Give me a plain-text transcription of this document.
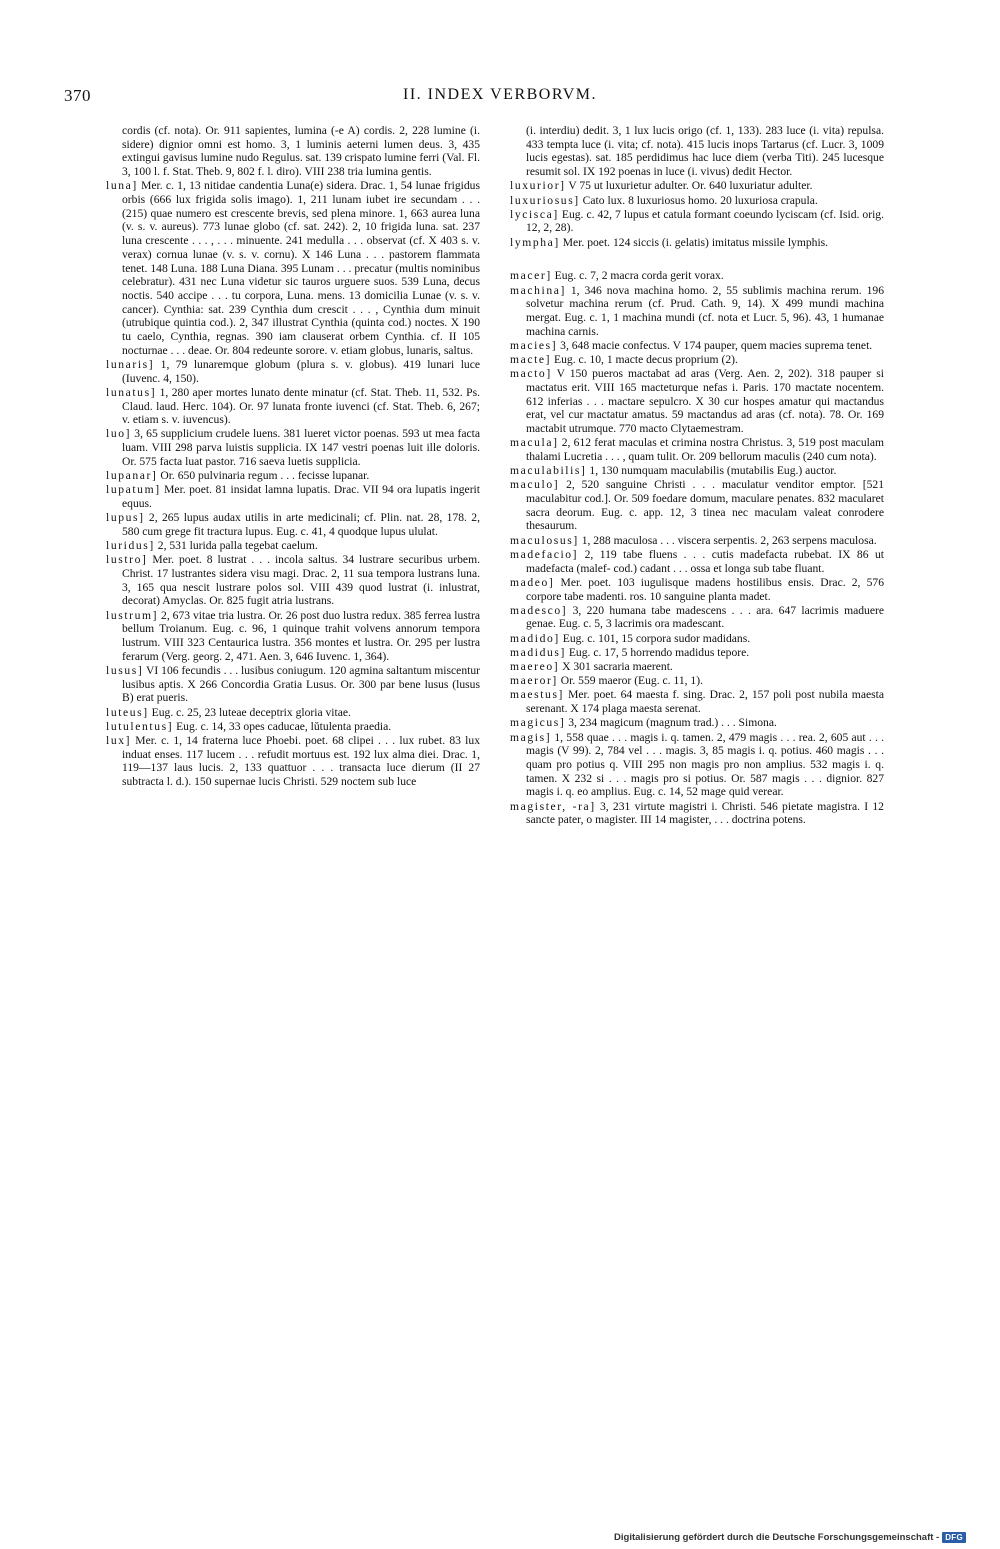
370	II. INDEX VERBORVM.
cordis (cf. nota). Or. 911 sapientes, lumina (-e A) cordis. 2, 228 lumine (i. sidere) dignior omni est homo. 3, 1 luminis aeterni lumen deus. 3, 435 extingui gavisus lumine nudo Regulus. sat. 139 crispato lumine ferri (Val. Fl. 3, 100 l. f. Stat. Theb. 9, 802 f. l. diro). VIII 238 tria lumina gentis.
luna] Mer. c. 1, 13 nitidae candentia Luna(e) sidera. Drac. 1, 54 lunae frigidus orbis (666 lux frigida solis imago). 1, 211 lunam iubet ire secundam . . . (215) quae numero est crescente brevis, sed plena minore. 1, 663 aurea luna (v. s. v. aureus). 773 lunae globo (cf. sat. 242). 2, 10 frigida luna. sat. 237 luna crescente . . . , . . . minuente. 241 medulla . . . observat (cf. X 403 s. v. verax) cornua lunae (v. s. v. cornu). X 146 Luna . . . pastorem flammata tenet. 148 Luna. 188 Luna Diana. 395 Lunam . . . precatur (multis nominibus celebratur). 431 nec Luna videtur sic tauros urguere suos. 539 Luna, decus noctis. 540 accipe . . . tu corpora, Luna. mens. 13 domicilia Lunae (v. s. v. cancer). Cynthia: sat. 239 Cynthia dum crescit . . . , Cynthia dum minuit (utrubique quintia cod.). 2, 347 illustrat Cynthia (quinta cod.) noctes. X 190 tu caelo, Cynthia, regnas. 390 iam clauserat orbem Cynthia. cf. II 105 nocturnae . . . deae. Or. 804 redeunte sorore. v. etiam globus, lunaris, saltus.
lunaris] 1, 79 lunaremque globum (plura s. v. globus). 419 lunari luce (Iuvenc. 4, 150).
lunatus] 1, 280 aper mortes lunato dente minatur (cf. Stat. Theb. 11, 532. Ps. Claud. laud. Herc. 104). Or. 97 lunata fronte iuvenci (cf. Stat. Theb. 6, 267; v. etiam s. v. iuvencus).
luo] 3, 65 supplicium crudele luens. 381 lueret victor poenas. 593 ut mea facta luam. VIII 298 parva luistis supplicia. IX 147 vestri poenas luit ille doloris. Or. 575 facta luat pastor. 716 saeva luetis supplicia.
lupanar] Or. 650 pulvinaria regum . . . fecisse lupanar.
lupatum] Mer. poet. 81 insidat lamna lupatis. Drac. VII 94 ora lupatis ingerit equus.
lupus] 2, 265 lupus audax utilis in arte medicinali; cf. Plin. nat. 28, 178. 2, 580 cum grege fit tractura lupus. Eug. c. 41, 4 quodque lupus ululat.
luridus] 2, 531 lurida palla tegebat caelum.
lustro] Mer. poet. 8 lustrat . . . incola saltus. 34 lustrare securibus urbem. Christ. 17 lustrantes sidera visu magi. Drac. 2, 11 sua tempora lustrans luna. 3, 165 qua nescit lustrare polos sol. VIII 439 quod lustrat (i. inlustrat, decorat) Amyclas. Or. 825 fugit atria lustrans.
lustrum] 2, 673 vitae tria lustra. Or. 26 post duo lustra redux. 385 ferrea lustra bellum Troianum. Eug. c. 96, 1 quinque trahit volvens annorum tempora lustrum. VIII 323 Centaurica lustra. 356 montes et lustra. Or. 295 per lustra ferarum (Verg. georg. 2, 471. Aen. 3, 646 Iuvenc. 1, 364).
lusus] VI 106 fecundis . . . lusibus coniugum. 120 agmina saltantum miscentur lusibus aptis. X 266 Concordia Gratia Lusus. Or. 300 par bene lusus (lusus B) erat pueris.
luteus] Eug. c. 25, 23 luteae deceptrix gloria vitae.
lutulentus] Eug. c. 14, 33 opes caducae, lŭtulenta praedia.
lux] Mer. c. 1, 14 fraterna luce Phoebi. poet. 68 clipei . . . lux rubet. 83 lux induat enses. 117 lucem . . . refudit mortuus est. 192 lux alma diei. Drac. 1, 119—137 laus lucis. 2, 133 quattuor . . . transacta luce dierum (II 27 subtracta l. d.). 150 supernae lucis Christi. 529 noctem sub luce
(i. interdiu) dedit. 3, 1 lux lucis origo (cf. 1, 133). 283 luce (i. vita) repulsa. 433 tempta luce (i. vita; cf. nota). 415 lucis inops Tartarus (cf. Lucr. 3, 1009 lucis egestas). sat. 185 perdidimus hac luce diem (verba Titi). 245 lucesque resumit sol. IX 192 poenas in luce (i. vivus) dedit Hector.
luxurior] V 75 ut luxurietur adulter. Or. 640 luxuriatur adulter.
luxuriosus] Cato lux. 8 luxuriosus homo. 20 luxuriosa crapula.
lycisca] Eug. c. 42, 7 lupus et catula formant coeundo lyciscam (cf. Isid. orig. 12, 2, 28).
lympha] Mer. poet. 124 siccis (i. gelatis) imitatus missile lymphis.
macer] Eug. c. 7, 2 macra corda gerit vorax.
machina] 1, 346 nova machina homo. 2, 55 sublimis machina rerum. 196 solvetur machina rerum (cf. Prud. Cath. 9, 14). X 499 mundi machina mergat. Eug. c. 1, 1 machina mundi (cf. nota et Lucr. 5, 96). 43, 1 humanae machina carnis.
macies] 3, 648 macie confectus. V 174 pauper, quem macies suprema tenet.
macte] Eug. c. 10, 1 macte decus proprium (2).
macto] V 150 pueros mactabat ad aras (Verg. Aen. 2, 202). 318 pauper si mactatus erit. VIII 165 macteturque nefas i. Paris. 170 mactate nocentem. 612 inferias . . . mactare sepulcro. X 30 cur hospes amatur qui mactandus erat, vel cur mactatur amatus. 59 mactandus ad aras (cf. nota). 78. Or. 169 mactabit utrumque. 770 macto Clytaemestram.
macula] 2, 612 ferat maculas et crimina nostra Christus. 3, 519 post maculam thalami Lucretia . . . , quam tulit. Or. 209 bellorum maculis (240 cum nota).
maculabilis] 1, 130 numquam maculabilis (mutabilis Eug.) auctor.
maculo] 2, 520 sanguine Christi . . . maculatur venditor emptor. [521 maculabitur cod.]. Or. 509 foedare domum, maculare penates. 832 macularet sacra deorum. Eug. c. app. 12, 3 tinea nec maculam valeat conrodere thesaurum.
maculosus] 1, 288 maculosa . . . viscera serpentis. 2, 263 serpens maculosa.
madefacio] 2, 119 tabe fluens . . . cutis madefacta rubebat. IX 86 ut madefacta (malef- cod.) cadant . . . ossa et longa sub tabe fluant.
madeo] Mer. poet. 103 iugulisque madens hostilibus ensis. Drac. 2, 576 corpore tabe madenti. ros. 10 sanguine planta madet.
madesco] 3, 220 humana tabe madescens . . . ara. 647 lacrimis maduere genae. Eug. c. 5, 3 lacrimis ora madescant.
madido] Eug. c. 101, 15 corpora sudor madidans.
madidus] Eug. c. 17, 5 horrendo madidus tepore.
maereo] X 301 sacraria maerent.
maeror] Or. 559 maeror (Eug. c. 11, 1).
maestus] Mer. poet. 64 maesta f. sing. Drac. 2, 157 poli post nubila maesta serenant. X 174 plaga maesta serenat.
magicus] 3, 234 magicum (magnum trad.) . . . Simona.
magis] 1, 558 quae . . . magis i. q. tamen. 2, 479 magis . . . rea. 2, 605 aut . . . magis (V 99). 2, 784 vel . . . magis. 3, 85 magis i. q. potius. 460 magis . . . quam pro potius q. VIII 295 non magis pro non amplius. 532 magis i. q. tamen. X 232 si . . . magis pro si potius. Or. 587 magis . . . dignior. 827 magis i. q. eo amplius. Eug. c. 14, 52 mage quid verear.
magister, -ra] 3, 231 virtute magistri i. Christi. 546 pietate magistra. I 12 sancte pater, o magister. III 14 magister, . . . doctrina potens.
Digitalisierung gefördert durch die Deutsche Forschungsgemeinschaft - DFG
